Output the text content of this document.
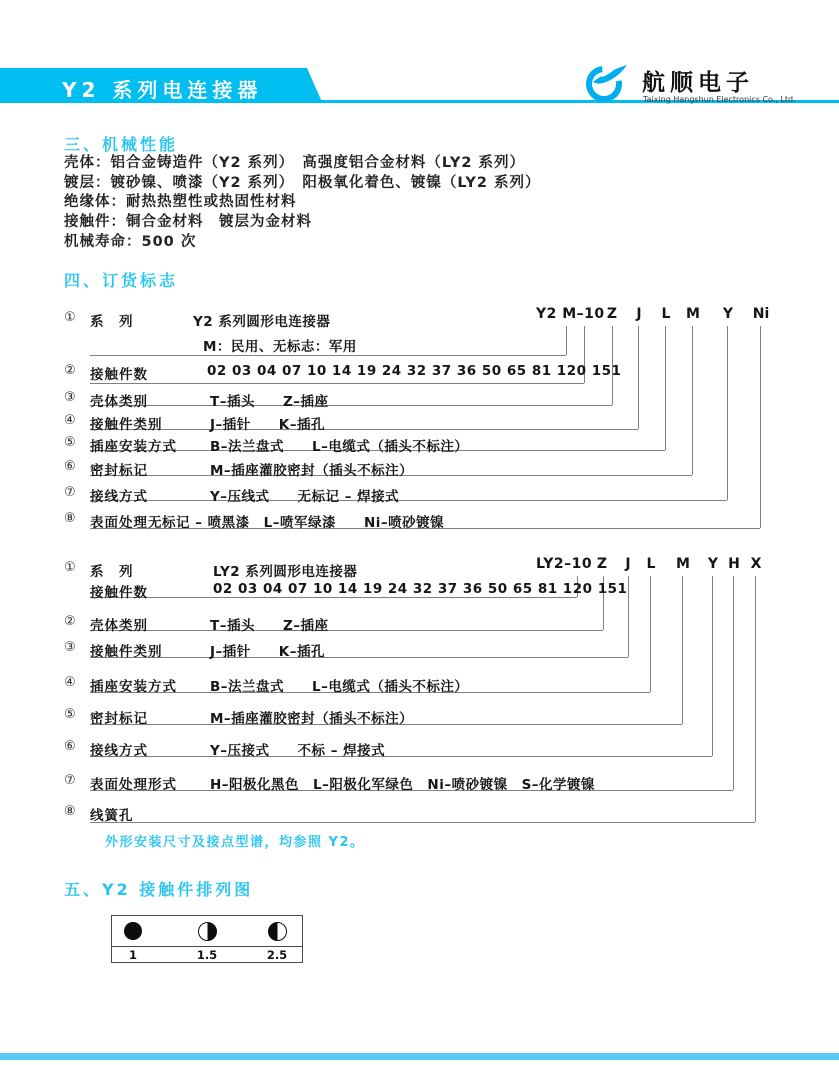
Y2 系列电连接器	航顺电子
Taixing Hangshun Electronics Co., Ltd.
三、机械性能
壳体：铝合金铸造件（Y2 系列）　高强度铝合金材料（LY2 系列）
镀层：镀砂镍、喷漆（Y2 系列）　阳极氧化着色、镀镍（LY2 系列）
绝缘体：耐热热塑性或热固性材料
接触件：铜合金材料　镀层为金材料
机械寿命：500 次
四、订货标志
Y2 M–10 Z	J	L M Y Ni
① 系　列	Y2 系列圆形电连接器
M：民用、无标志：军用
② 接触件数	02 03 04 07 10 14 19 24 32 37 36 50 65 81 120 151
③ 壳体类别	T–插头　　Z–插座
④ 接触件类别	J–插针　　K–插孔
⑤ 插座安装方式 B–法兰盘式　　L–电缆式（插头不标注）
⑥ 密封标记	M–插座灌胶密封（插头不标注）
⑦ 接线方式	Y–压线式　　无标记 – 焊接式
⑧ 表面处理 无标记 – 喷黑漆　L–喷军绿漆　　Ni–喷砂镀镍
LY2–10 Z	J	L M Y H X
① 系　列	LY2 系列圆形电连接器
接触件数	02 03 04 07 10 14 19 24 32 37 36 50 65 81 120 151
② 壳体类别	T–插头　　Z–插座
③ 接触件类别	J–插针　　K–插孔
④ 插座安装方式 B–法兰盘式　　L–电缆式（插头不标注）
⑤ 密封标记	M–插座灌胶密封（插头不标注）
⑥ 接线方式	Y–压接式　　不标 – 焊接式
⑦ 表面处理形式 H–阳极化黑色　L–阳极化军绿色　Ni–喷砂镀镍　S–化学镀镍
⑧ 线簧孔
外形安装尺寸及接点型谱，均参照 Y2。
五、Y2 接触件排列图
1	1.5	2.5
